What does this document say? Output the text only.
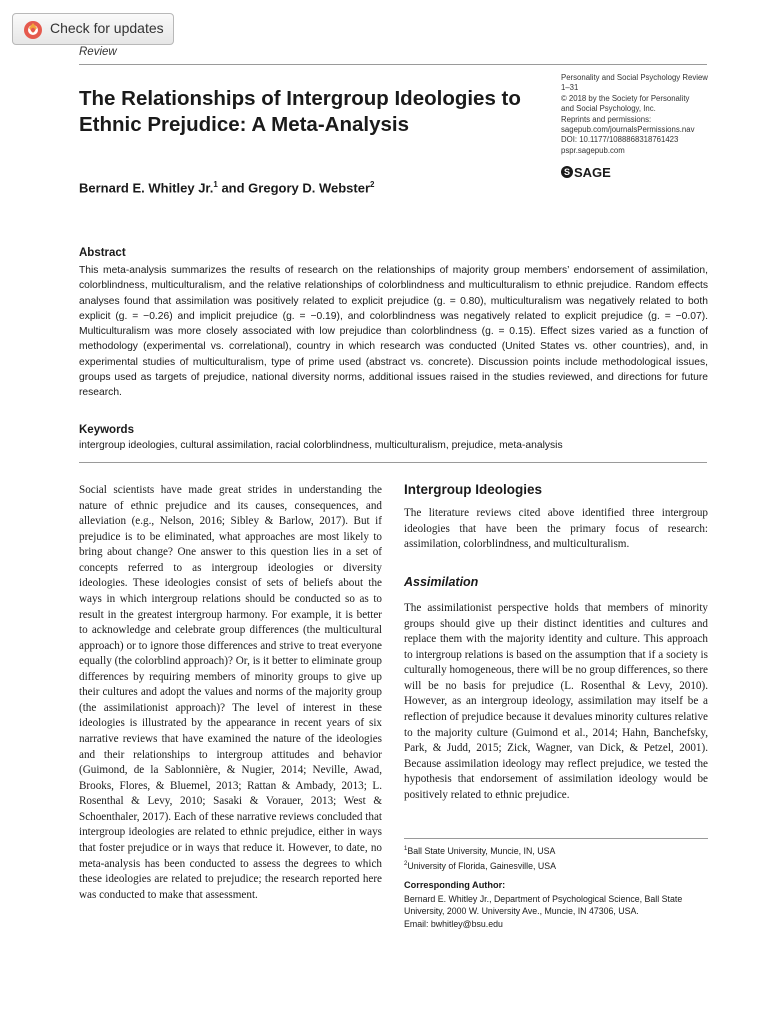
Check for updates
Review
Personality and Social Psychology Review
1–31
© 2018 by the Society for Personality
and Social Psychology, Inc.
Reprints and permissions:
sagepub.com/journalsPermissions.nav
DOI: 10.1177/1088868318761423
pspr.sagepub.com
S SAGE
The Relationships of Intergroup Ideologies to Ethnic Prejudice: A Meta-Analysis
Bernard E. Whitley Jr.$^1$ and Gregory D. Webster$^2$
Abstract

This meta-analysis summarizes the results of research on the relationships of majority group members’ endorsement of assimilation, colorblindness, multiculturalism, and the relative relationships of colorblindness and multiculturalism to ethnic prejudice. Random effects analyses found that assimilation was positively related to explicit prejudice (g. = 0.80), multiculturalism was negatively related to both explicit (g. = −0.26) and implicit prejudice (g. = −0.19), and colorblindness was negatively related to explicit prejudice (g. = −0.07). Multiculturalism was more closely associated with low prejudice than colorblindness (g. = 0.15). Effect sizes varied as a function of methodology (experimental vs. correlational), country in which research was conducted (United States vs. other countries), and, in experimental studies of multiculturalism, type of prime used (abstract vs. concrete). Discussion points include methodological issues, groups used as targets of prejudice, national diversity norms, additional issues raised in the studies reviewed, and directions for future research.

Keywords
intergroup ideologies, cultural assimilation, racial colorblindness, multiculturalism, prejudice, meta-analysis

Social scientists have made great strides in understanding the nature of ethnic prejudice and its causes, consequences, and alleviation (e.g., Nelson, 2016; Sibley & Barlow, 2017). But if prejudice is to be eliminated, what approaches are most likely to bring about change? One answer to this question lies in a set of concepts referred to as intergroup ideologies or diversity ideologies. These ideologies consist of sets of beliefs about the ways in which intergroup relations should be conducted so as to result in the greatest intergroup harmony. For example, it is better to acknowledge and celebrate group differences (the multicultural approach) or to ignore those differences and strive to treat everyone equally (the colorblind approach)? Or, is it better to eliminate group differences by requiring members of minority groups to give up their cultures and adopt the values and norms of the majority group (the assimilationist approach)? The level of interest in these ideologies is illustrated by the appearance in recent years of six narrative reviews that have examined the nature of the ideologies and their relationships to intergroup attitudes and behavior (Guimond, de la Sablonnière, & Nugier, 2014; Neville, Awad, Brooks, Flores, & Bluemel, 2013; Rattan & Ambady, 2013; L. Rosenthal & Levy, 2010; Sasaki & Vorauer, 2013; West & Schoenthaler, 2017). Each of these narrative reviews concluded that intergroup ideologies are related to ethnic prejudice, either in ways that foster prejudice or in ways that reduce it. However, to date, no meta-analysis has been conducted to assess the degrees to which these ideologies are related to prejudice; the research reported here was conducted to make that assessment.

Intergroup Ideologies

The literature reviews cited above identified three intergroup ideologies that have been the primary focus of research: assimilation, colorblindness, and multiculturalism.

Assimilation

The assimilationist perspective holds that members of minority groups should give up their distinct identities and cultures and replace them with the majority identity and culture. This approach to intergroup relations is based on the assumption that if a society is culturally homogeneous, there will be no group differences, so there will be no basis for prejudice (L. Rosenthal & Levy, 2010). However, as an intergroup ideology, assimilation may itself be a reflection of prejudice because it devalues minority cultures relative to the majority culture (Guimond et al., 2014; Hahn, Banchefsky, Park, & Judd, 2015; Zick, Wagner, van Dick, & Petzel, 2001). Because assimilation ideology may reflect prejudice, we tested the hypothesis that endorsement of assimilation ideology would be positively related to ethnic prejudice.

$^1$Ball State University, Muncie, IN, USA
$^2$University of Florida, Gainesville, USA
Corresponding Author:
Bernard E. Whitley Jr., Department of Psychological Science, Ball State
University, 2000 W. University Ave., Muncie, IN 47306, USA.
Email: bwhitley@bsu.edu
